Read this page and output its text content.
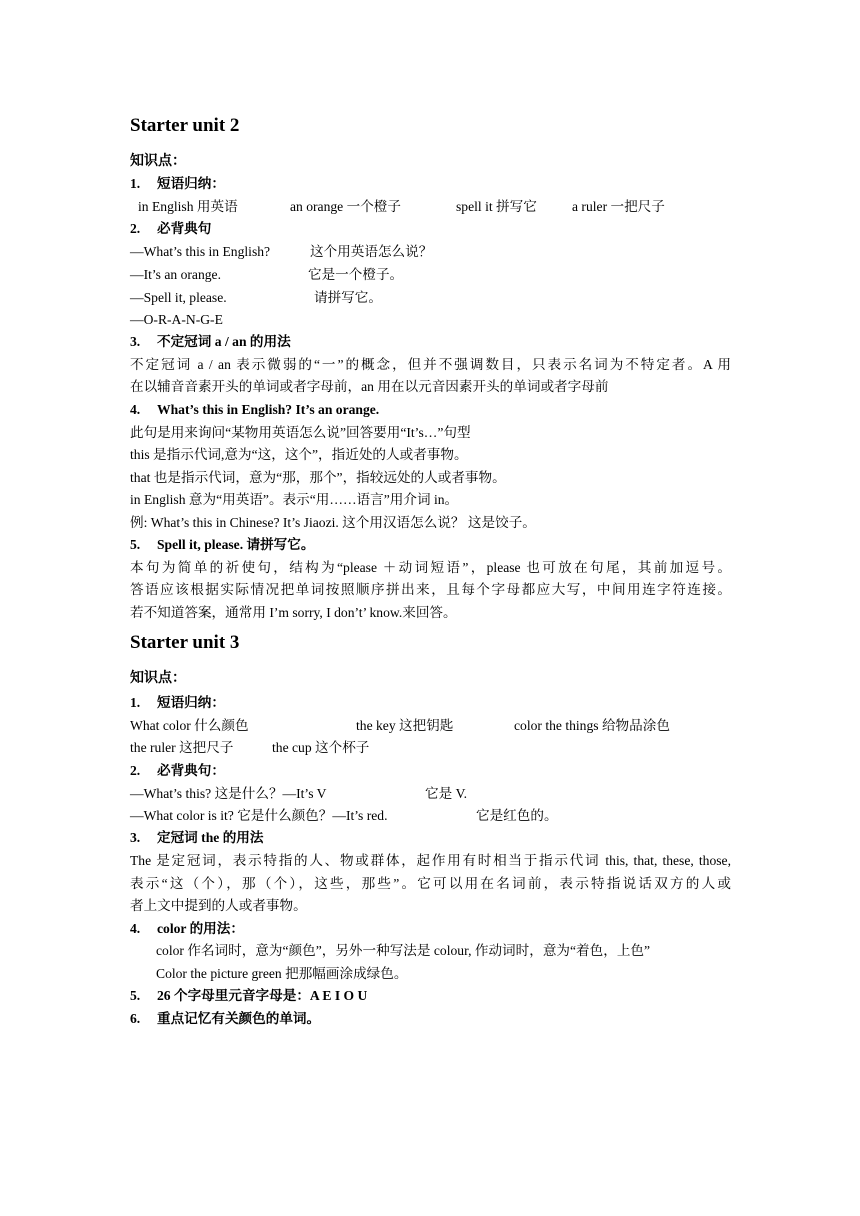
Starter unit 2
知识点：
1. 短语归纳：
in English 用英语	an orange 一个橙子	spell it 拼写它	a ruler 一把尺子
2. 必背典句
—What’s this in English?	这个用英语怎么说？
—It’s an orange.	它是一个橙子。
—Spell it, please.	请拼写它。
—O-R-A-N-G-E
3. 不定冠词 a / an 的用法
不定冠词 a / an 表示微弱的“一”的概念，但并不强调数目，只表示名词为不特定者。A 用
在以辅音音素开头的单词或者字母前，an 用在以元音因素开头的单词或者字母前
4. What’s this in English? It’s an orange.
此句是用来询问“某物用英语怎么说”回答要用“It’s…”句型
this 是指示代词,意为“这，这个”，指近处的人或者事物。
that 也是指示代词，意为“那，那个”，指较远处的人或者事物。
in English 意为“用英语”。表示“用……语言”用介词 in。
例: What’s this in Chinese? It’s Jiaozi. 这个用汉语怎么说？ 这是饺子。
5. Spell it, please. 请拼写它。
本句为简单的祈使句，结构为“please ＋动词短语”，please 也可放在句尾，其前加逗号。
答语应该根据实际情况把单词按照顺序拼出来，且每个字母都应大写，中间用连字符连接。
若不知道答案，通常用 I’m sorry, I don’t’ know.来回答。
Starter unit 3
知识点：
1. 短语归纳：
What color 什么颜色	the key 这把钥匙	color the things 给物品涂色
the ruler 这把尺子	the cup 这个杯子
2. 必背典句：
—What’s this? 这是什么？—It’s V	它是 V.
—What color is it? 它是什么颜色？—It’s red.	它是红色的。
3. 定冠词 the 的用法
The 是定冠词，表示特指的人、物或群体，起作用有时相当于指示代词 this, that, these, those,
表示“这（个），那（个），这些，那些”。它可以用在名词前，表示特指说话双方的人或
者上文中提到的人或者事物。
4. color 的用法：
color 作名词时，意为“颜色”，另外一种写法是 colour, 作动词时，意为“着色，上色”
Color the picture green 把那幅画涂成绿色。
5. 26 个字母里元音字母是：A E I O U
6. 重点记忆有关颜色的单词。
